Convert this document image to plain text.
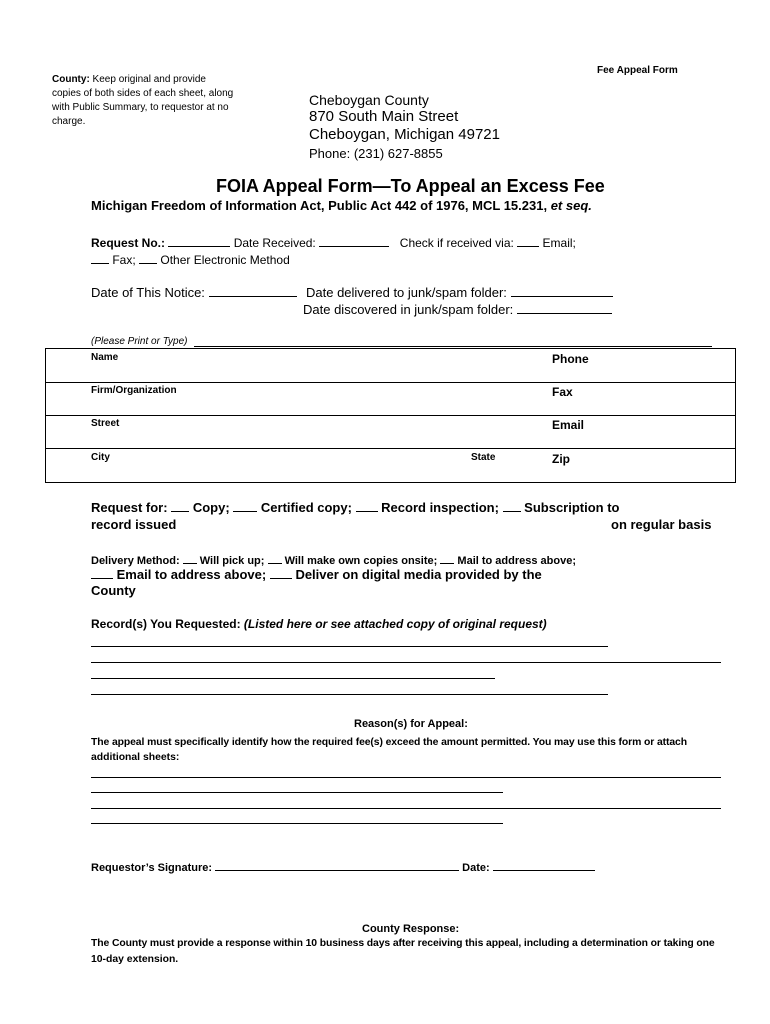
Fee Appeal Form
County: Keep original and provide
copies of both sides of each sheet, along
with Public Summary, to requestor at no
charge.
Cheboygan County
870 South Main Street
Cheboygan, Michigan 49721
Phone: (231) 627-8855
FOIA Appeal Form—To Appeal an Excess Fee
Michigan Freedom of Information Act, Public Act 442 of 1976, MCL 15.231, et seq.
Request No.:	Date Received:	Check if received via: Email;
Fax; Other Electronic Method
Date of This Notice:	Date delivered to junk/spam folder:
Date discovered in junk/spam folder:
(Please Print or Type)
Name	Phone
Firm/Organization	Fax
Street	Email
City	State	Zip
Request for: Copy; Certified copy; Record inspection; Subscription to
record issued	on regular basis
Delivery Method: Will pick up; Will make own copies onsite; Mail to address above;
Email to address above; Deliver on digital media provided by the
County
Record(s) You Requested: (Listed here or see attached copy of original request)
Reason(s) for Appeal:
The appeal must specifically identify how the required fee(s) exceed the amount permitted. You may use this form or attach
additional sheets:
Requestor’s Signature:	Date:
County Response:
The County must provide a response within 10 business days after receiving this appeal, including a determination or taking one
10-day extension.
